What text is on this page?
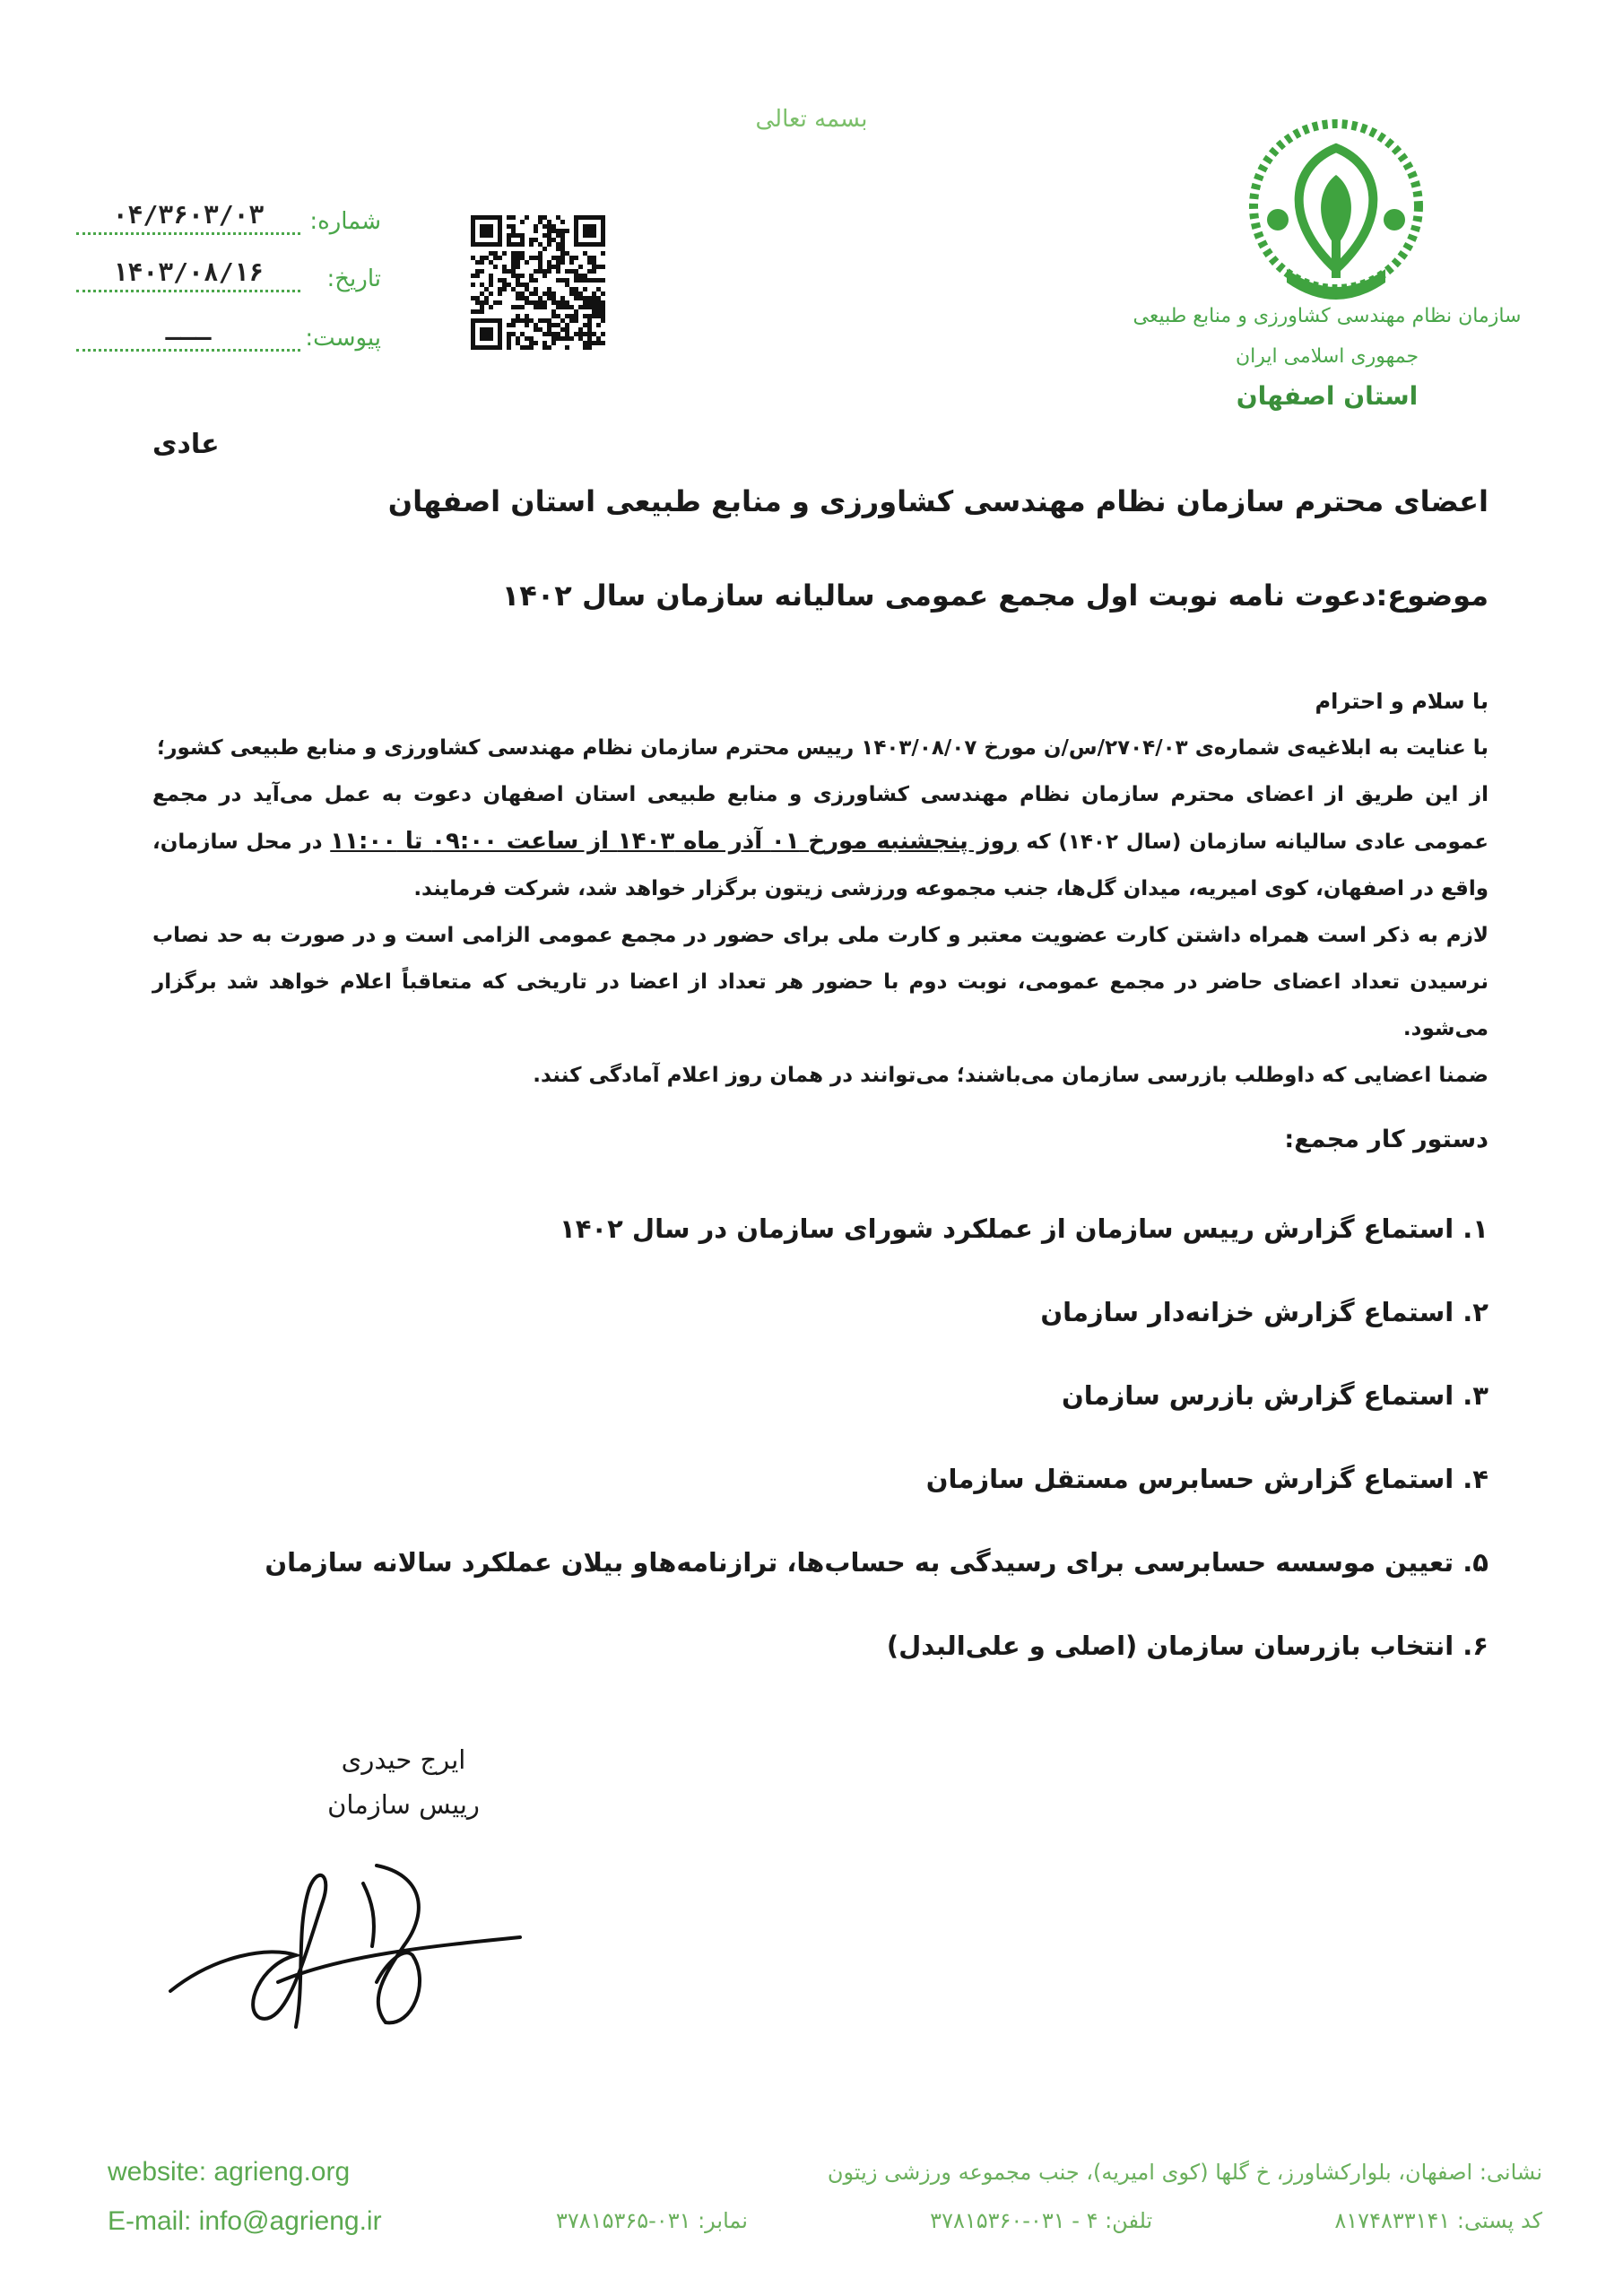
بسمه تعالی
سازمان نظام مهندسی کشاورزی و منابع طبیعی
جمهوری اسلامی ایران
استان اصفهان
شماره:
۰۴/۳۶۰۳/۰۳
تاریخ:
۱۴۰۳/۰۸/۱۶
پیوست:
ـــ
عادی
اعضای محترم سازمان نظام مهندسی کشاورزی و منابع طبیعی استان اصفهان
موضوع:دعوت نامه نوبت اول مجمع عمومی سالیانه سازمان سال ۱۴۰۲

با سلام و احترام

با عنایت به ابلاغیه‌ی شماره‌ی ۲۷۰۴/۰۳/س/ن مورخ ۱۴۰۳/۰۸/۰۷ رییس محترم سازمان نظام مهندسی کشاورزی و منابع طبیعی کشور؛

از این طریق از اعضای محترم سازمان نظام مهندسی کشاورزی و منابع طبیعی استان اصفهان دعوت به عمل می‌آید در مجمع عمومی عادی سالیانه سازمان (سال ۱۴۰۲) که روز پنجشنبه مورخ ۰۱ آذر ماه ۱۴۰۳ از ساعت ۰۹:۰۰ تا ۱۱:۰۰ در محل سازمان، واقع در اصفهان، کوی امیریه، میدان گل‌ها، جنب مجموعه ورزشی زیتون برگزار خواهد شد، شرکت فرمایند.

لازم به ذکر است همراه داشتن کارت عضویت معتبر و کارت ملی برای حضور در مجمع عمومی الزامی است و در صورت به حد نصاب نرسیدن تعداد اعضای حاضر در مجمع عمومی، نوبت دوم با حضور هر تعداد از اعضا در تاریخی که متعاقباً اعلام خواهد شد برگزار می‌شود.

ضمنا اعضایی که داوطلب بازرسی سازمان می‌باشند؛ می‌توانند در همان روز اعلام آمادگی کنند.

دستور کار مجمع:
۱. استماع گزارش رییس سازمان از عملکرد شورای سازمان در سال ۱۴۰۲
۲. استماع گزارش خزانه‌دار سازمان
۳. استماع گزارش بازرس سازمان
۴. استماع گزارش حسابرس مستقل سازمان
۵. تعیین موسسه حسابرسی برای رسیدگی به حساب‌ها، ترازنامه‌هاو بیلان عملکرد سالانه سازمان
۶. انتخاب بازرسان سازمان (اصلی و علی‌البدل)
ایرج حیدری
رییس سازمان
website: agrieng.org
E-mail: info@agrieng.ir
نشانی: اصفهان، بلوارکشاورز، خ گلها (کوی امیریه)، جنب مجموعه ورزشی زیتون
کد پستی: ۸۱۷۴۸۳۳۱۴۱
تلفن: ۴ - ۰۳۱-۳۷۸۱۵۳۶۰
نمابر: ۰۳۱-۳۷۸۱۵۳۶۵
